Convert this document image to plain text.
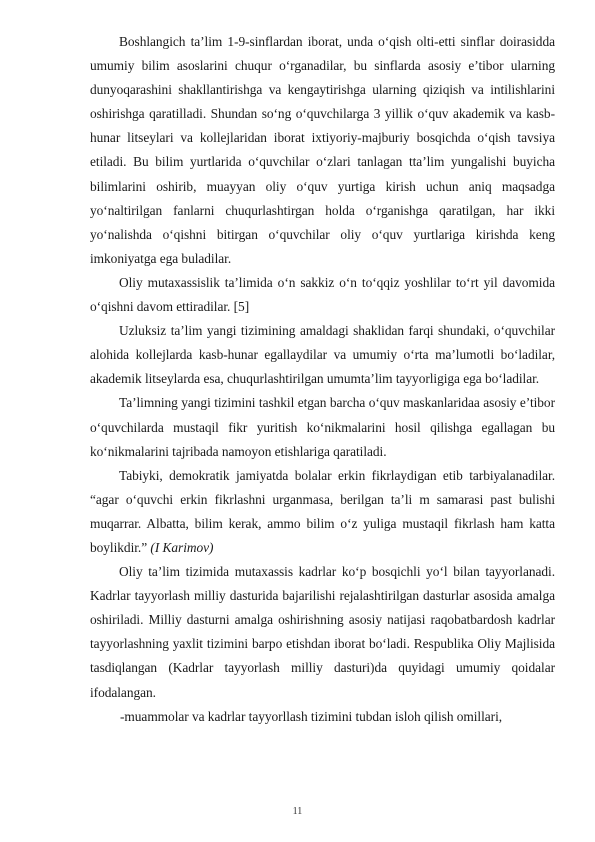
Boshlangich ta’lim 1-9-sinflardan iborat, unda o‘qish olti-etti sinflar doirasidda umumiy bilim asoslarini chuqur o‘rganadilar, bu sinflarda asosiy e’tibor ularning dunyoqarashini shakllantirishga va kengaytirishga ularning qiziqish va intilishlarini oshirishga qaratilladi. Shundan so‘ng o‘quvchilarga 3 yillik o‘quv akademik va kasb- hunar litseylari va kollejlaridan iborat ixtiyoriy-majburiy bosqichda o‘qish tavsiya etiladi. Bu bilim yurtlarida o‘quvchilar o‘zlari tanlagan tta’lim yungalishi buyicha bilimlarini oshirib, muayyan oliy o‘quv yurtiga kirish uchun aniq maqsadga yo‘naltirilgan fanlarni chuqurlashtirgan holda o‘rganishga qaratilgan, har ikki yo‘nalishda o‘qishni bitirgan o‘quvchilar oliy o‘quv yurtlariga kirishda keng imkoniyatga ega buladilar.

Oliy mutaxassislik ta’limida o‘n sakkiz o‘n to‘qqiz yoshlilar to‘rt yil davomida o‘qishni davom ettiradilar. [5]

Uzluksiz ta’lim yangi tizimining amaldagi shaklidan farqi shundaki, o‘quvchilar alohida kollejlarda kasb-hunar egallaydilar va umumiy o‘rta ma’lumotli bo‘ladilar, akademik litseylarda esa, chuqurlashtirilgan umumta’lim tayyorligiga ega bo‘ladilar.

Ta’limning yangi tizimini tashkil etgan barcha o‘quv maskanlaridaa asosiy e’tibor o‘quvchilarda mustaqil fikr yuritish ko‘nikmalarini hosil qilishga egallagan bu ko‘nikmalarini tajribada namoyon etishlariga qaratiladi.

Tabiyki, demokratik jamiyatda bolalar erkin fikrlaydigan etib tarbiyalanadilar. “agar o‘quvchi erkin fikrlashni urganmasa, berilgan ta’li m samarasi past bulishi muqarrar. Albatta, bilim kerak, ammo bilim o‘z yuliga mustaqil fikrlash ham katta boylikdir.” (I Karimov)

Oliy ta’lim tizimida mutaxassis kadrlar ko‘p bosqichli yo‘l bilan tayyorlanadi. Kadrlar tayyorlash milliy dasturida bajarilishi rejalashtirilgan dasturlar asosida amalga oshiriladi. Milliy dasturni amalga oshirishning asosiy natijasi raqobatbardosh kadrlar tayyorlashning yaxlit tizimini barpo etishdan iborat bo‘ladi. Respublika Oliy Majlisida tasdiqlangan (Kadrlar tayyorlash milliy dasturi)da quyidagi umumiy qoidalar ifodalangan.

-muammolar va kadrlar tayyorllash tizimini tubdan isloh qilish omillari,

11
